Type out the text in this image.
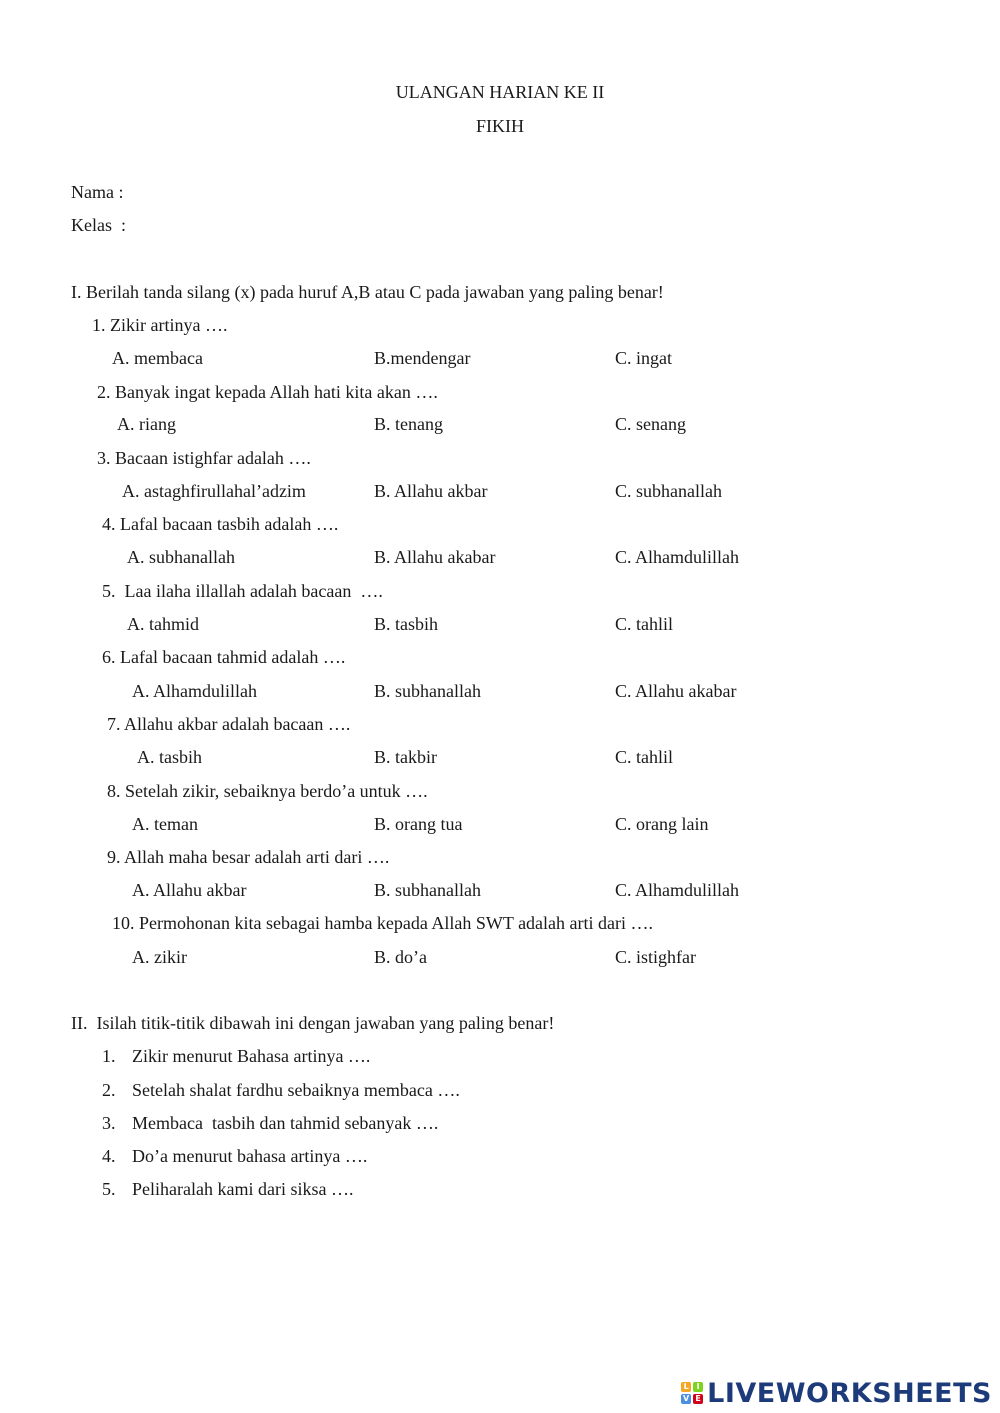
ULANGAN HARIAN KE II
FIKIH
Nama :
Kelas  :
I. Berilah tanda silang (x) pada huruf A,B atau C pada jawaban yang paling benar!
1. Zikir artinya ….
A. membaca	B.mendengar	C. ingat
2. Banyak ingat kepada Allah hati kita akan ….
A. riang	B. tenang	C. senang
3. Bacaan istighfar adalah ….
A. astaghfirullahal’adzim	B. Allahu akbar	C. subhanallah
4. Lafal bacaan tasbih adalah ….
A. subhanallah	B. Allahu akabar	C. Alhamdulillah
5.  Laa ilaha illallah adalah bacaan  ….
A. tahmid	B. tasbih	C. tahlil
6. Lafal bacaan tahmid adalah ….
A. Alhamdulillah	B. subhanallah	C. Allahu akabar
7. Allahu akbar adalah bacaan ….
A. tasbih	B. takbir	C. tahlil
8. Setelah zikir, sebaiknya berdo’a untuk ….
A. teman	B. orang tua	C. orang lain
9. Allah maha besar adalah arti dari ….
A. Allahu akbar	B. subhanallah	C. Alhamdulillah
10. Permohonan kita sebagai hamba kepada Allah SWT adalah arti dari ….
A. zikir	B. do’a	C. istighfar
II.  Isilah titik-titik dibawah ini dengan jawaban yang paling benar!
1. Zikir menurut Bahasa artinya ….
2. Setelah shalat fardhu sebaiknya membaca ….
3. Membaca  tasbih dan tahmid sebanyak ….
4. Do’a menurut bahasa artinya ….
5. Peliharalah kami dari siksa ….
L I
V E LIVEWORKSHEETS
